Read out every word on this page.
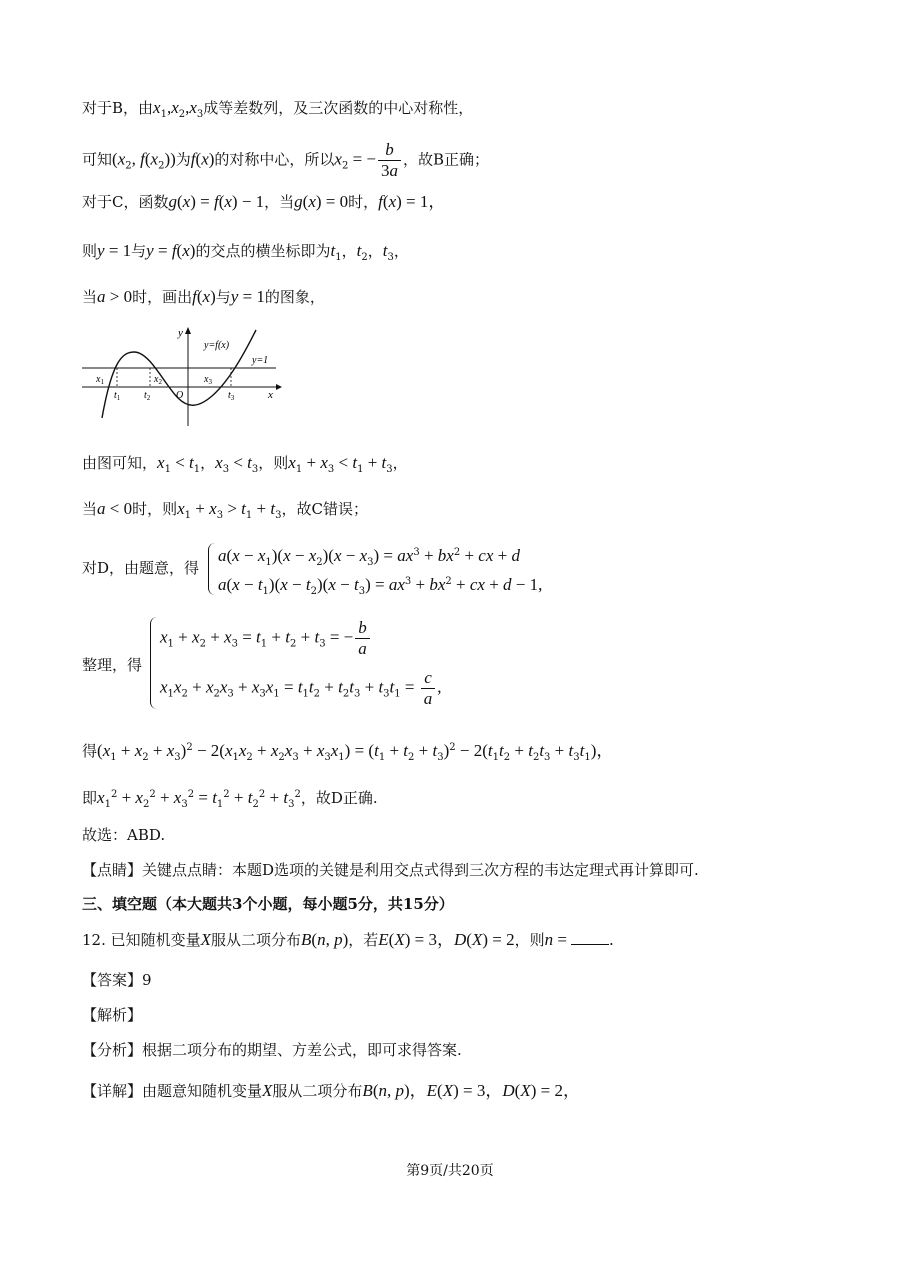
对于B，由$x_1,x_2,x_3$成等差数列，及三次函数的中心对称性，
可知($x_2$, $f(x_2)$)为f(x)的对称中心，所以$x_2$ = − $\frac{b}{3a}$ ，故B正确；
对于C，函数g(x) = f(x) − 1，当g(x) = 0时，f(x) = 1，
则y = 1与y = f(x)的交点的横坐标即为$t_1$，$t_2$，$t_3$，
当a > 0时，画出f(x)与y = 1的图象，
y
x
y=f(x)
y=1
O
$x_1$	$x_2$	$x_3$
$t_1$ $t_2$	$t_3$
由图可知，$x_1 < t_1$，$x_3 < t_3$，则$x_1 + x_3 < t_1 + t_3$，
当a < 0时，则$x_1 + x_3 > t_1 + t_3$，故C错误；
对D，由题意，得
$a(x - x_1)(x - x_2)(x - x_3) = ax^3 + bx^2$ + cx + d
$a(x - t_1)(x - t_2)(x - t_3) = ax^3 + bx^2$ + cx + d − 1,
整理，得
$x_1 + x_2 + x_3 = t_1 + t_2 + t_3$ = − $\frac{b}{a}$
$x_1x_2 + x_2x_3 + x_3x_1 = t_1t_2 + t_2t_3 + t_3t_1 = \frac{c}{a}$ ,
得$(x_1 + x_2 + x_3)^2 - 2(x_1x_2 + x_2x_3 + x_3x_1) = (t_1 + t_2 + t_3)^2 - 2(t_1t_2 + t_2t_3 + t_3t_1)$，
即$x_1^2 + x_2^2 + x_3^2 = t_1^2 + t_2^2 + t_3^2$，故D正确.
故选：ABD.
【点睛】关键点点睛：本题D选项的关键是利用交点式得到三次方程的韦达定理式再计算即可.
三、填空题（本大题共3个小题，每小题5分，共15分）
12. 已知随机变量X服从二项分布B(n, p)，若E(X) = 3，D(X) = 2，则n = .
【答案】9
【解析】
【分析】根据二项分布的期望、方差公式，即可求得答案.
【详解】由题意知随机变量X服从二项分布B(n, p)，E(X) = 3，D(X) = 2，
第9页/共20页
